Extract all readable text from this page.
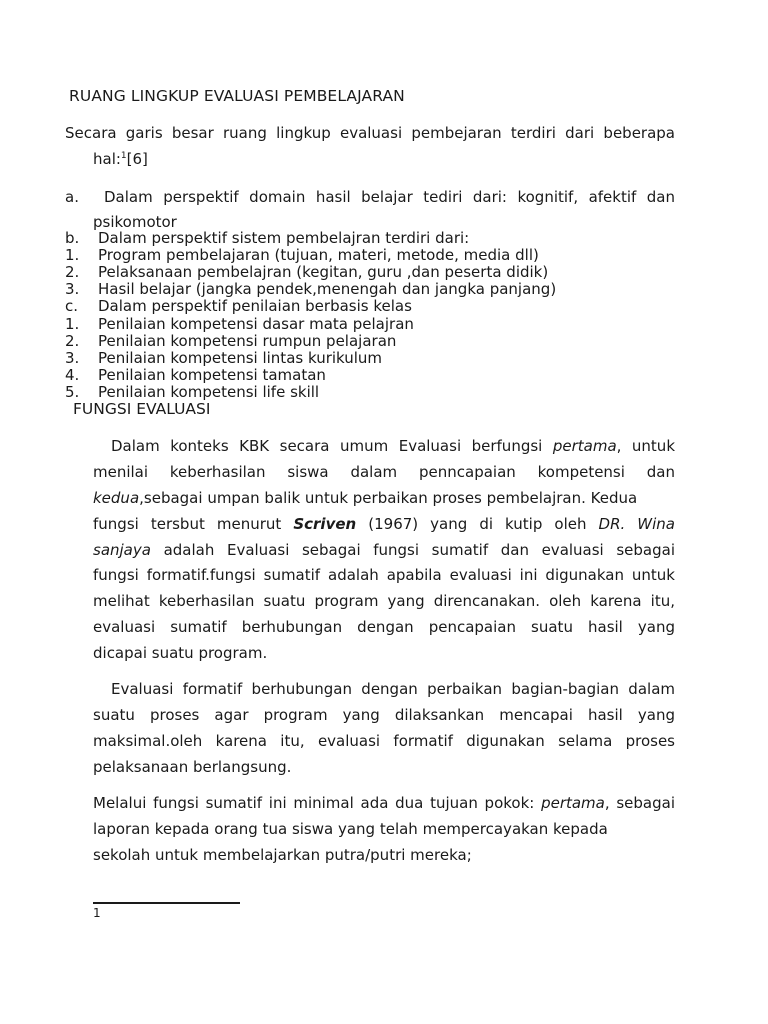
RUANG LINGKUP EVALUASI PEMBELAJARAN
Secara garis besar ruang lingkup evaluasi pembejaran terdiri dari beberapa
hal:$^1$[6]
a. Dalam perspektif domain hasil belajar tediri dari: kognitif, afektif dan
psikomotor
b. Dalam perspektif sistem pembelajran terdiri dari:
1. Program pembelajaran (tujuan, materi, metode, media dll)
2. Pelaksanaan pembelajran (kegitan, guru ,dan peserta didik)
3. Hasil belajar (jangka pendek,menengah dan jangka panjang)
c. Dalam perspektif penilaian berbasis kelas
1. Penilaian kompetensi dasar mata pelajran
2. Penilaian kompetensi rumpun pelajaran
3. Penilaian kompetensi lintas kurikulum
4. Penilaian kompetensi tamatan
5. Penilaian kompetensi life skill
FUNGSI EVALUASI
Dalam konteks KBK secara umum Evaluasi berfungsi pertama, untuk
menilai keberhasilan siswa dalam penncapaian kompetensi dan
kedua,sebagai umpan balik untuk perbaikan proses pembelajran. Kedua
fungsi tersbut menurut Scriven (1967) yang di kutip oleh DR. Wina
sanjaya adalah Evaluasi sebagai fungsi sumatif dan evaluasi sebagai
fungsi formatif.fungsi sumatif adalah apabila evaluasi ini digunakan untuk
melihat keberhasilan suatu program yang direncanakan. oleh karena itu,
evaluasi sumatif berhubungan dengan pencapaian suatu hasil yang
dicapai suatu program.
Evaluasi formatif berhubungan dengan perbaikan bagian-bagian dalam
suatu proses agar program yang dilaksankan mencapai hasil yang
maksimal.oleh karena itu, evaluasi formatif digunakan selama proses
pelaksanaan berlangsung.
Melalui fungsi sumatif ini minimal ada dua tujuan pokok: pertama, sebagai
laporan kepada orang tua siswa yang telah mempercayakan kepada
sekolah untuk membelajarkan putra/putri mereka;
1
